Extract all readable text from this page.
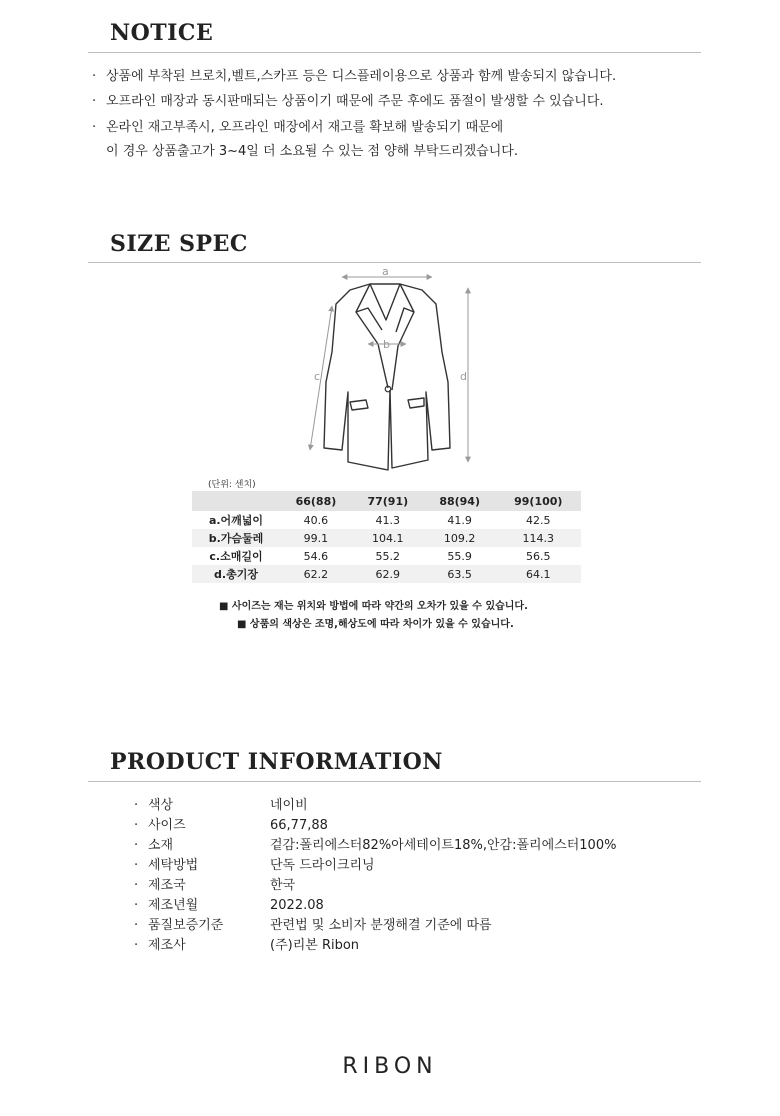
NOTICE
· 상품에 부착된 브로치,벨트,스카프 등은 디스플레이용으로 상품과 함께 발송되지 않습니다.
· 오프라인 매장과 동시판매되는 상품이기 때문에 주문 후에도 품절이 발생할 수 있습니다.
· 온라인 재고부족시, 오프라인 매장에서 재고를 확보해 발송되기 때문에
이 경우 상품출고가 3~4일 더 소요될 수 있는 점 양해 부탁드리겠습니다.
SIZE SPEC
a
b
c	d
(단위: 센치)
	66(88)	77(91)	88(94)	99(100)
a.어깨넓이	40.6	41.3	41.9	42.5
b.가슴둘레	99.1	104.1	109.2	114.3
c.소매길이	54.6	55.2	55.9	56.5
d.총기장	62.2	62.9	63.5	64.1
■ 사이즈는 재는 위치와 방법에 따라 약간의 오차가 있을 수 있습니다.
■ 상품의 색상은 조명,해상도에 따라 차이가 있을 수 있습니다.
PRODUCT INFORMATION
· 색상	네이비
· 사이즈	66,77,88
· 소재	겉감:폴리에스터82%아세테이트18%,안감:폴리에스터100%
· 세탁방법	단독 드라이크리닝
· 제조국	한국
· 제조년월	2022.08
· 품질보증기준	관련법 및 소비자 분쟁해결 기준에 따름
· 제조사	(주)리본 Ribon
RIBON
